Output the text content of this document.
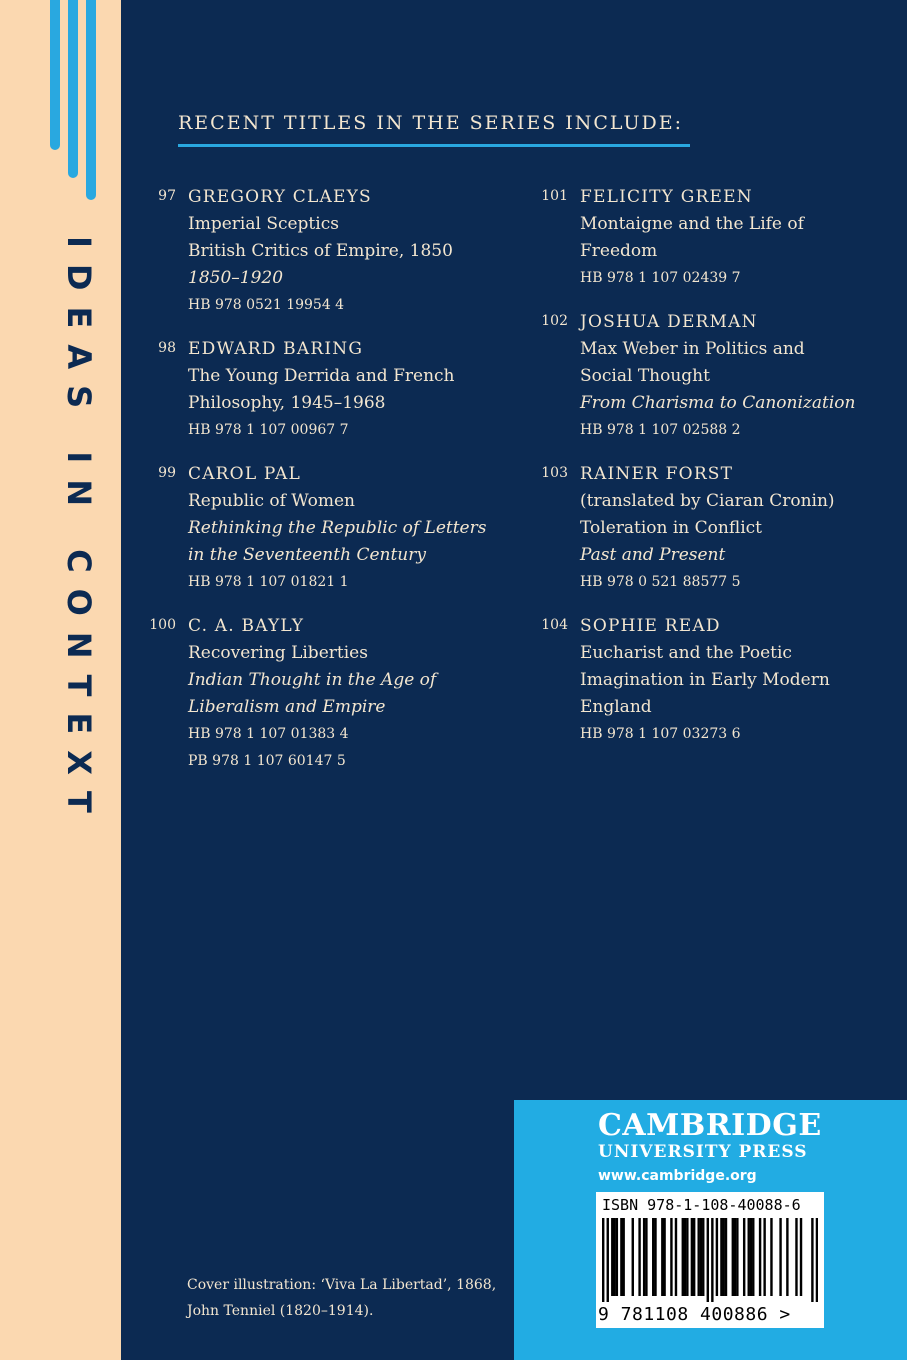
IDEAS IN CONTEXT
RECENT TITLES IN THE SERIES INCLUDE:
97 GREGORY CLAEYS
Imperial Sceptics
British Critics of Empire, 1850
1850–1920
HB 978 0521 19954 4
98 EDWARD BARING
The Young Derrida and French
Philosophy, 1945–1968
HB 978 1 107 00967 7
99 CAROL PAL
Republic of Women
Rethinking the Republic of Letters
in the Seventeenth Century
HB 978 1 107 01821 1
100 C. A. BAYLY
Recovering Liberties
Indian Thought in the Age of
Liberalism and Empire
HB 978 1 107 01383 4
PB 978 1 107 60147 5
101 FELICITY GREEN
Montaigne and the Life of
Freedom
HB 978 1 107 02439 7
102 JOSHUA DERMAN
Max Weber in Politics and
Social Thought
From Charisma to Canonization
HB 978 1 107 02588 2
103 RAINER FORST
(translated by Ciaran Cronin)
Toleration in Conflict
Past and Present
HB 978 0 521 88577 5
104 SOPHIE READ
Eucharist and the Poetic
Imagination in Early Modern
England
HB 978 1 107 03273 6
Cover illustration: ‘Viva La Libertad’, 1868,
John Tenniel (1820–1914).
CAMBRIDGE
UNIVERSITY PRESS
www.cambridge.org
ISBN 978-1-108-40088-6
9 781108 400886 >
